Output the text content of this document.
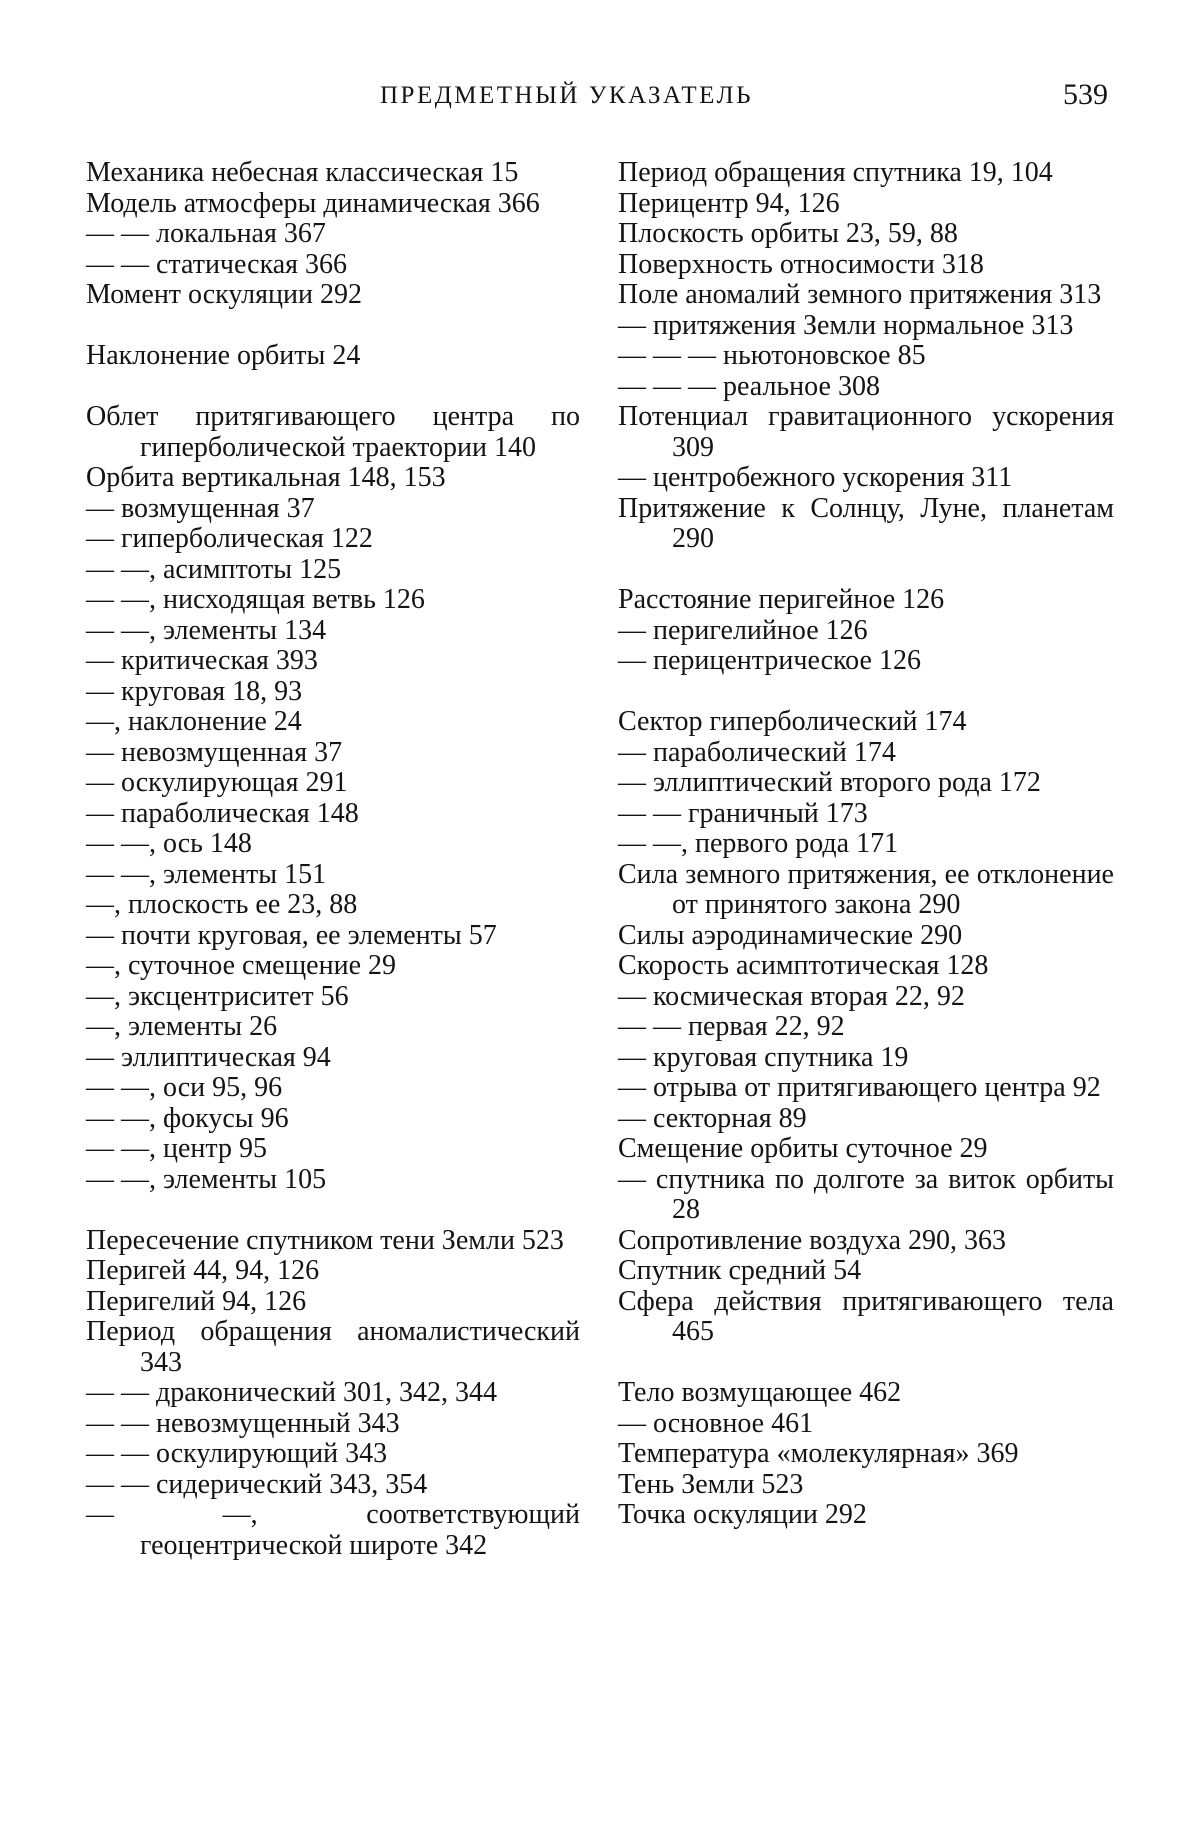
ПРЕДМЕТНЫЙ УКАЗАТЕЛЬ	539

Механика небесная классическая 15

Модель атмосферы динамическая 366

— — локальная 367

— — статическая 366

Момент оскуляции 292

Наклонение орбиты 24

Облет притягивающего центра по гиперболической траектории 140

Орбита вертикальная 148, 153

— возмущенная 37

— гиперболическая 122

— —, асимптоты 125

— —, нисходящая ветвь 126

— —, элементы 134

— критическая 393

— круговая 18, 93

—, наклонение 24

— невозмущенная 37

— оскулирующая 291

— параболическая 148

— —, ось 148

— —, элементы 151

—, плоскость ее 23, 88

— почти круговая, ее элементы 57

—, суточное смещение 29

—, эксцентриситет 56

—, элементы 26

— эллиптическая 94

— —, оси 95, 96

— —, фокусы 96

— —, центр 95

— —, элементы 105

Пересечение спутником тени Земли 523

Перигей 44, 94, 126

Перигелий 94, 126

Период обращения аномалистический 343

— — драконический 301, 342, 344

— — невозмущенный 343

— — оскулирующий 343

— — сидерический 343, 354

— —, соответствующий геоцентрической широте 342

Период обращения спутника 19, 104

Перицентр 94, 126

Плоскость орбиты 23, 59, 88

Поверхность относимости 318

Поле аномалий земного притяжения 313

— притяжения Земли нормальное 313

— — — ньютоновское 85

— — — реальное 308

Потенциал гравитационного ускорения 309

— центробежного ускорения 311

Притяжение к Солнцу, Луне, планетам 290

Расстояние перигейное 126

— перигелийное 126

— перицентрическое 126

Сектор гиперболический 174

— параболический 174

— эллиптический второго рода 172

— — граничный 173

— —, первого рода 171

Сила земного притяжения, ее отклонение от принятого закона 290

Силы аэродинамические 290

Скорость асимптотическая 128

— космическая вторая 22, 92

— — первая 22, 92

— круговая спутника 19

— отрыва от притягивающего центра 92

— секторная 89

Смещение орбиты суточное 29

— спутника по долготе за виток орбиты 28

Сопротивление воздуха 290, 363

Спутник средний 54

Сфера действия притягивающего тела 465

Тело возмущающее 462

— основное 461

Температура «молекулярная» 369

Тень Земли 523

Точка оскуляции 292
